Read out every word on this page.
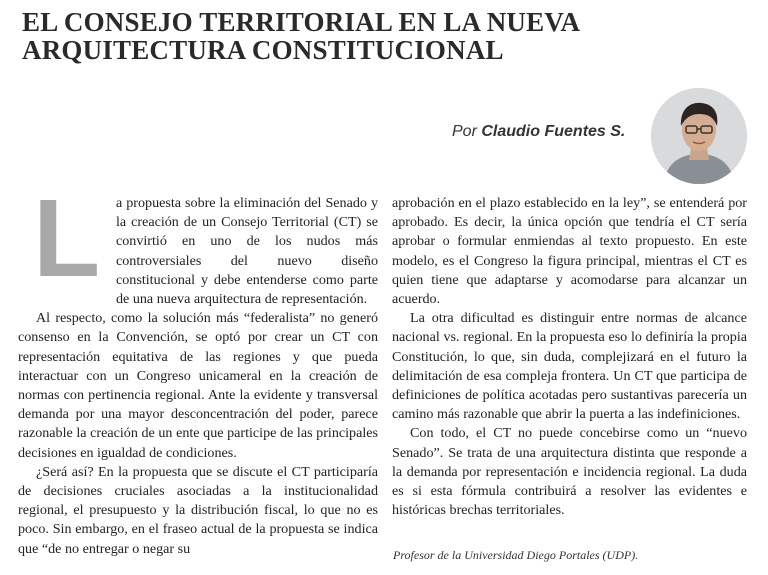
EL CONSEJO TERRITORIAL EN LA NUEVA
ARQUITECTURA CONSTITUCIONAL
Por Claudio Fuentes S.
L a propuesta sobre la eliminación del Senado y la creación de un Consejo Territorial (CT) se convirtió en uno de los nudos más controversiales del nuevo diseño constitucional y debe entenderse como parte de una nueva arquitectura de representación.

Al respecto, como la solución más “federalista” no generó consenso en la Convención, se optó por crear un CT con representación equitativa de las regiones y que pueda interactuar con un Congreso unicameral en la creación de normas con pertinencia regional. Ante la evidente y transversal demanda por una mayor desconcentración del poder, parece razonable la creación de un ente que participe de las principales decisiones en igualdad de condiciones.

¿Será así? En la propuesta que se discute el CT participaría de decisiones cruciales asociadas a la institucionalidad regional, el presupuesto y la distribución fiscal, lo que no es poco. Sin embargo, en el fraseo actual de la propuesta se indica que “de no entregar o negar su

aprobación en el plazo establecido en la ley”, se entenderá por aprobado. Es decir, la única opción que tendría el CT sería aprobar o formular enmiendas al texto propuesto. En este modelo, es el Congreso la figura principal, mientras el CT es quien tiene que adaptarse y acomodarse para alcanzar un acuerdo.

La otra dificultad es distinguir entre normas de alcance nacional vs. regional. En la propuesta eso lo definiría la propia Constitución, lo que, sin duda, complejizará en el futuro la delimitación de esa compleja frontera. Un CT que participa de definiciones de política acotadas pero sustantivas parecería un camino más razonable que abrir la puerta a las indefiniciones.

Con todo, el CT no puede concebirse como un “nuevo Senado”. Se trata de una arquitectura distinta que responde a la demanda por representación e incidencia regional. La duda es si esta fórmula contribuirá a resolver las evidentes e históricas brechas territoriales.

Profesor de la Universidad Diego Portales (UDP).
